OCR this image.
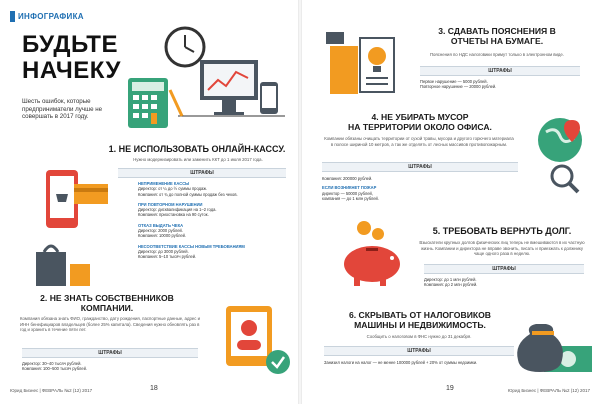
ИНФОГРАФИКА
БУДЬТЕ
НАЧЕКУ
Шесть ошибок, которые предприниматели лучше не совершать в 2017 году.
1. НЕ ИСПОЛЬЗОВАТЬ ОНЛАЙН-КАССУ.
Нужно модернизировать или заменить ККТ до 1 июля 2017 года.
ШТРАФЫ
НЕПРИМЕНЕНИЕ КАССЫ
Директор: от ¼ до ½ суммы продаж.
Компания: от ¾ до полной суммы продаж без чеков.
ПРИ ПОВТОРНОМ НАРУШЕНИИ
Директор: дисквалификация на 1–2 года.
Компания: приостановка на 90 суток.
ОТКАЗ ВЫДАТЬ ЧЕКА
Директор: 2000 рублей.
Компания: 10000 рублей.
НЕСООТВЕТСТВИЕ КАССЫ НОВЫМ ТРЕБОВАНИЯМ
Директор: до 3000 рублей.
Компания: 5–10 тысяч рублей.
2. НЕ ЗНАТЬ СОБСТВЕННИКОВ
КОМПАНИИ.
Компания обязана знать ФИО, гражданство, дату рождения, паспортные данные, адрес и ИНН бенефициаров владельцев (более 25% капитала). Сведения нужно обновлять раз в год и хранить в течение пяти лет.
ШТРАФЫ
Директор: 30–40 тысяч рублей.
Компания: 100–500 тысяч рублей.
Юрид Бизнес | ФЕВРАЛЬ №2 (12) 2017	18
3. СДАВАТЬ ПОЯСНЕНИЯ В
ОТЧЕТЫ НА БУМАГЕ.
Пояснения по НДС налоговики примут только в электронном виде.
ШТРАФЫ
Первое нарушение — 5000 рублей.
Повторное нарушение — 20000 рублей.
4. НЕ УБИРАТЬ МУСОР
НА ТЕРРИТОРИИ ОКОЛО ОФИСА.
Компании обязаны очищать территории от сухой травы, мусора и другого горючего материала в полосе шириной 10 метров, а так же отделять от лесных массивов противопожарным.
ШТРАФЫ
Компания: 200000 рублей.
ЕСЛИ ВОЗНИКНЕТ ПОЖАР
директор — 50000 рублей,
компания — до 1 млн рублей.
5. ТРЕБОВАТЬ ВЕРНУТЬ ДОЛГ.
Взыскатели крупных долгов физических лиц теперь не вмешиваются в их частную жизнь. Компании и директора не вправе звонить, писать и приезжать к должнику чаще одного раза в неделю.
ШТРАФЫ
Директор: до 1 млн рублей.
Компания: до 2 млн рублей.
6. СКРЫВАТЬ ОТ НАЛОГОВИКОВ
МАШИНЫ И НЕДВИЖИМОСТЬ.
Сообщить о налоговом в ФНС нужно до 31 декабря.
ШТРАФЫ
Занизил налоги на налог — не менее 100000 рублей + 20% от суммы недоимки.
Юрид Бизнес | ФЕВРАЛЬ №2 (12) 2017
19
